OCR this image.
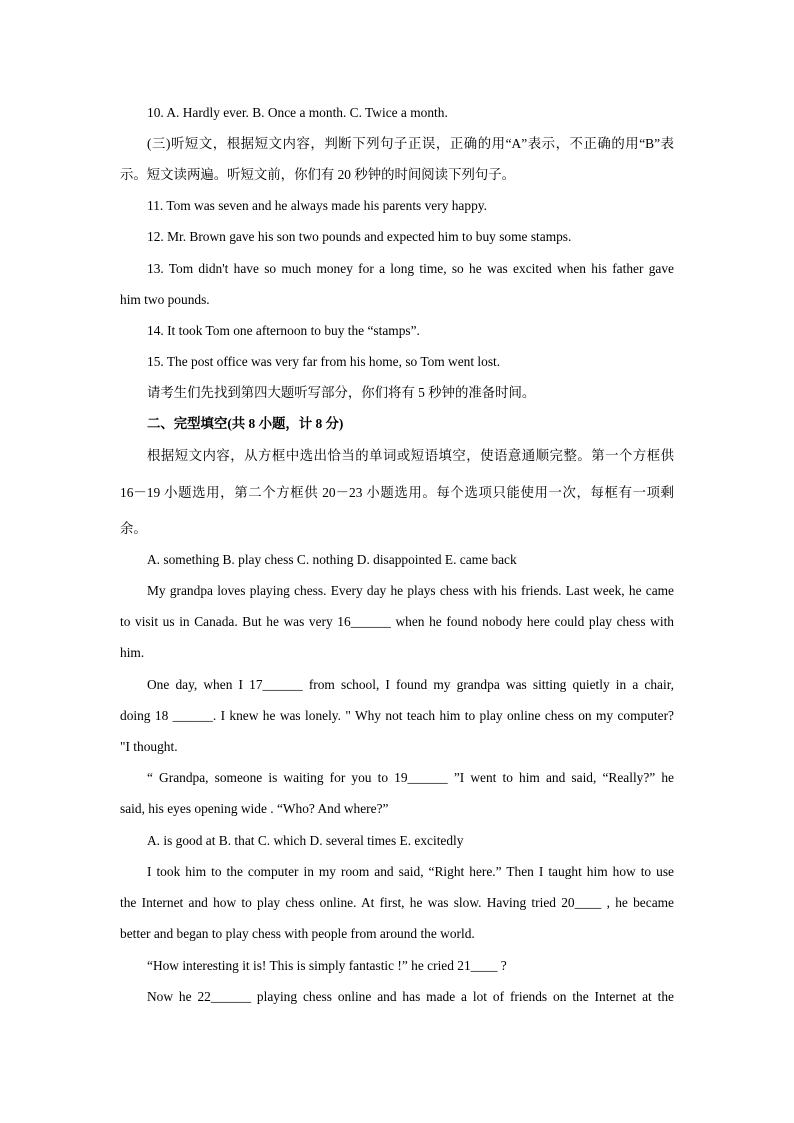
10. A. Hardly ever. B. Once a month. C. Twice a month.
(三)听短文，根据短文内容，判断下列句子正误，正确的用“A”表示，不正确的用“B”表
示。短文读两遍。听短文前，你们有 20 秒钟的时间阅读下列句子。
11. Tom was seven and he always made his parents very happy.
12. Mr. Brown gave his son two pounds and expected him to buy some stamps.
13. Tom didn't have so much money for a long time, so he was excited when his father gave
him two pounds.
14. It took Tom one afternoon to buy the “stamps”.
15. The post office was very far from his home, so Tom went lost.
请考生们先找到第四大题听写部分，你们将有 5 秒钟的准备时间。
二、完型填空(共 8 小题，计 8 分)
根据短文内容，从方框中选出恰当的单词或短语填空，使语意通顺完整。第一个方框供
16－19 小题选用，第二个方框供 20－23 小题选用。每个选项只能使用一次，每框有一项剩
余。
A. something B. play chess C. nothing D. disappointed E. came back
My grandpa loves playing chess. Every day he plays chess with his friends. Last week, he came
to visit us in Canada. But he was very 16______ when he found nobody here could play chess with
him.
One day, when I 17______ from school, I found my grandpa was sitting quietly in a chair,
doing 18 ______. I knew he was lonely. " Why not teach him to play online chess on my computer?
"I thought.
“ Grandpa, someone is waiting for you to 19______ ”I went to him and said, “Really?” he
said, his eyes opening wide . “Who? And where?”
A. is good at B. that C. which D. several times E. excitedly
I took him to the computer in my room and said, “Right here.” Then I taught him how to use
the Internet and how to play chess online. At first, he was slow. Having tried 20____ , he became
better and began to play chess with people from around the world.
“How interesting it is! This is simply fantastic !” he cried 21____ ?
Now he 22______ playing chess online and has made a lot of friends on the Internet at the
